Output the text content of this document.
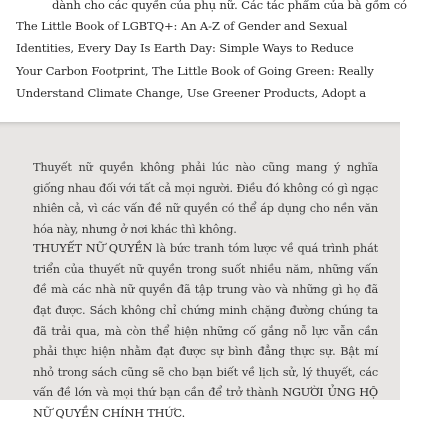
dành cho các quyền của phụ nữ. Các tác phẩm của bà gồm có
The Little Book of LGBTQ+: An A-Z of Gender and Sexual
Identities, Every Day Is Earth Day: Simple Ways to Reduce
Your Carbon Footprint, The Little Book of Going Green: Really
Understand Climate Change, Use Greener Products, Adopt a

Thuyết nữ quyền không phải lúc nào cũng mang ý nghĩa giống nhau đối với tất cả mọi người. Điều đó không có gì ngạc nhiên cả, vì các vấn đề nữ quyền có thể áp dụng cho nền văn hóa này, nhưng ở nơi khác thì không.

THUYẾT NỮ QUYỀN là bức tranh tóm lược về quá trình phát triển của thuyết nữ quyền trong suốt nhiều năm, những vấn đề mà các nhà nữ quyền đã tập trung vào và những gì họ đã đạt được. Sách không chỉ chứng minh chặng đường chúng ta đã trải qua, mà còn thể hiện những cố gắng nỗ lực vẫn cần phải thực hiện nhằm đạt được sự bình đẳng thực sự. Bật mí nhỏ trong sách cũng sẽ cho bạn biết về lịch sử, lý thuyết, các vấn đề lớn và mọi thứ bạn cần để trở thành NGƯỜI ỦNG HỘ NỮ QUYỀN CHÍNH THỨC.
